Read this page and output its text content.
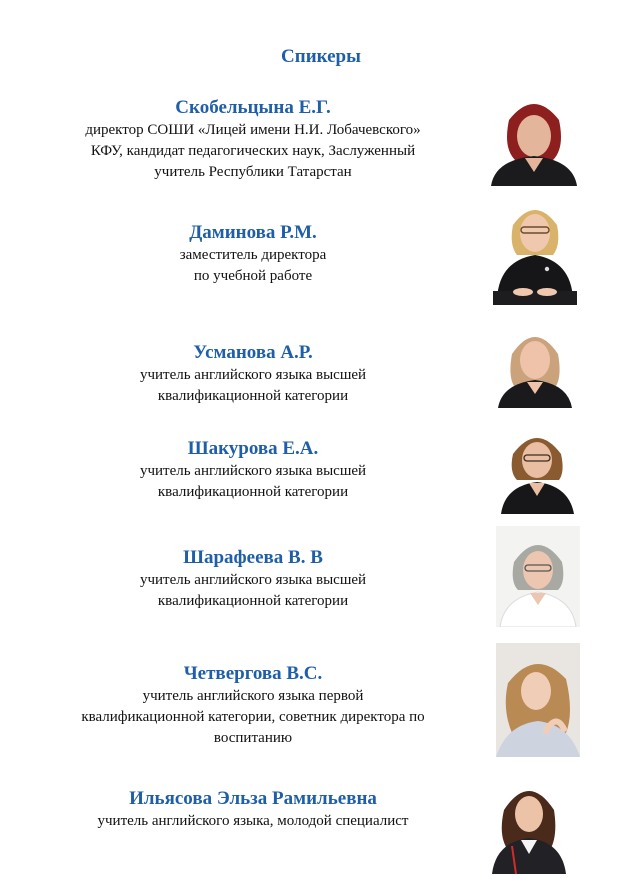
Спикеры
Скобельцына Е.Г.
директор СОШИ «Лицей имени Н.И. Лобачевского»
КФУ, кандидат педагогических наук, Заслуженный
учитель Республики Татарстан
Даминова Р.М.
заместитель директора
по учебной работе
Усманова А.Р.
учитель английского языка высшей
квалификационной категории
Шакурова Е.А.
учитель английского языка высшей
квалификационной категории
Шарафеева В. В
учитель английского языка высшей
квалификационной категории
Четвергова В.С.
учитель английского языка первой
квалификационной категории, советник директора по
воспитанию
Ильясова Эльза Рамильевна
учитель английского языка, молодой специалист
